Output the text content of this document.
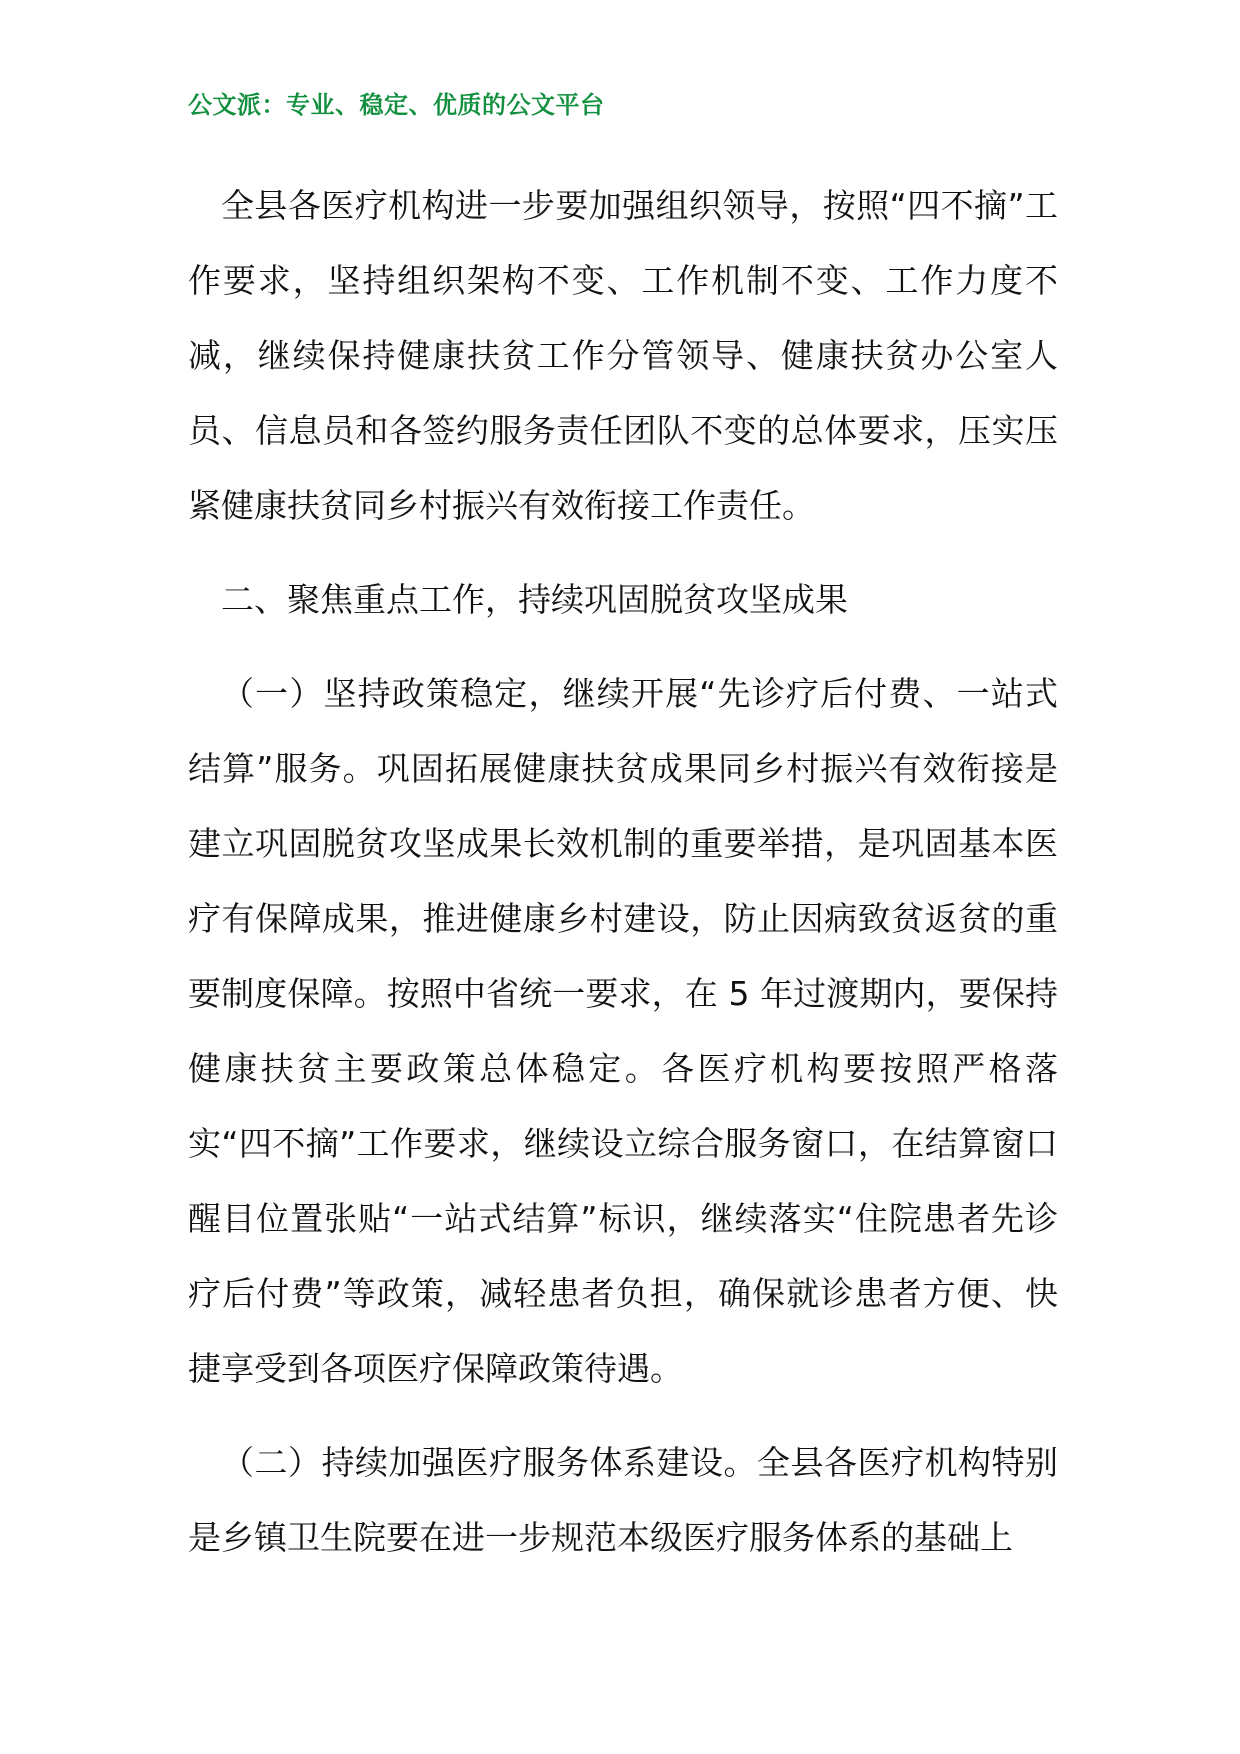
公文派：专业、稳定、优质的公文平台

全县各医疗机构进一步要加强组织领导，按照“四不摘”工作要求，坚持组织架构不变、工作机制不变、工作力度不减，继续保持健康扶贫工作分管领导、健康扶贫办公室人员、信息员和各签约服务责任团队不变的总体要求，压实压紧健康扶贫同乡村振兴有效衔接工作责任。

二、聚焦重点工作，持续巩固脱贫攻坚成果

（一）坚持政策稳定，继续开展“先诊疗后付费、一站式结算”服务。巩固拓展健康扶贫成果同乡村振兴有效衔接是建立巩固脱贫攻坚成果长效机制的重要举措，是巩固基本医疗有保障成果，推进健康乡村建设，防止因病致贫返贫的重要制度保障。按照中省统一要求，在 5 年过渡期内，要保持健康扶贫主要政策总体稳定。各医疗机构要按照严格落实“四不摘”工作要求，继续设立综合服务窗口，在结算窗口醒目位置张贴“一站式结算”标识，继续落实“住院患者先诊疗后付费”等政策，减轻患者负担，确保就诊患者方便、快捷享受到各项医疗保障政策待遇。

（二）持续加强医疗服务体系建设。全县各医疗机构特别是乡镇卫生院要在进一步规范本级医疗服务体系的基础上
